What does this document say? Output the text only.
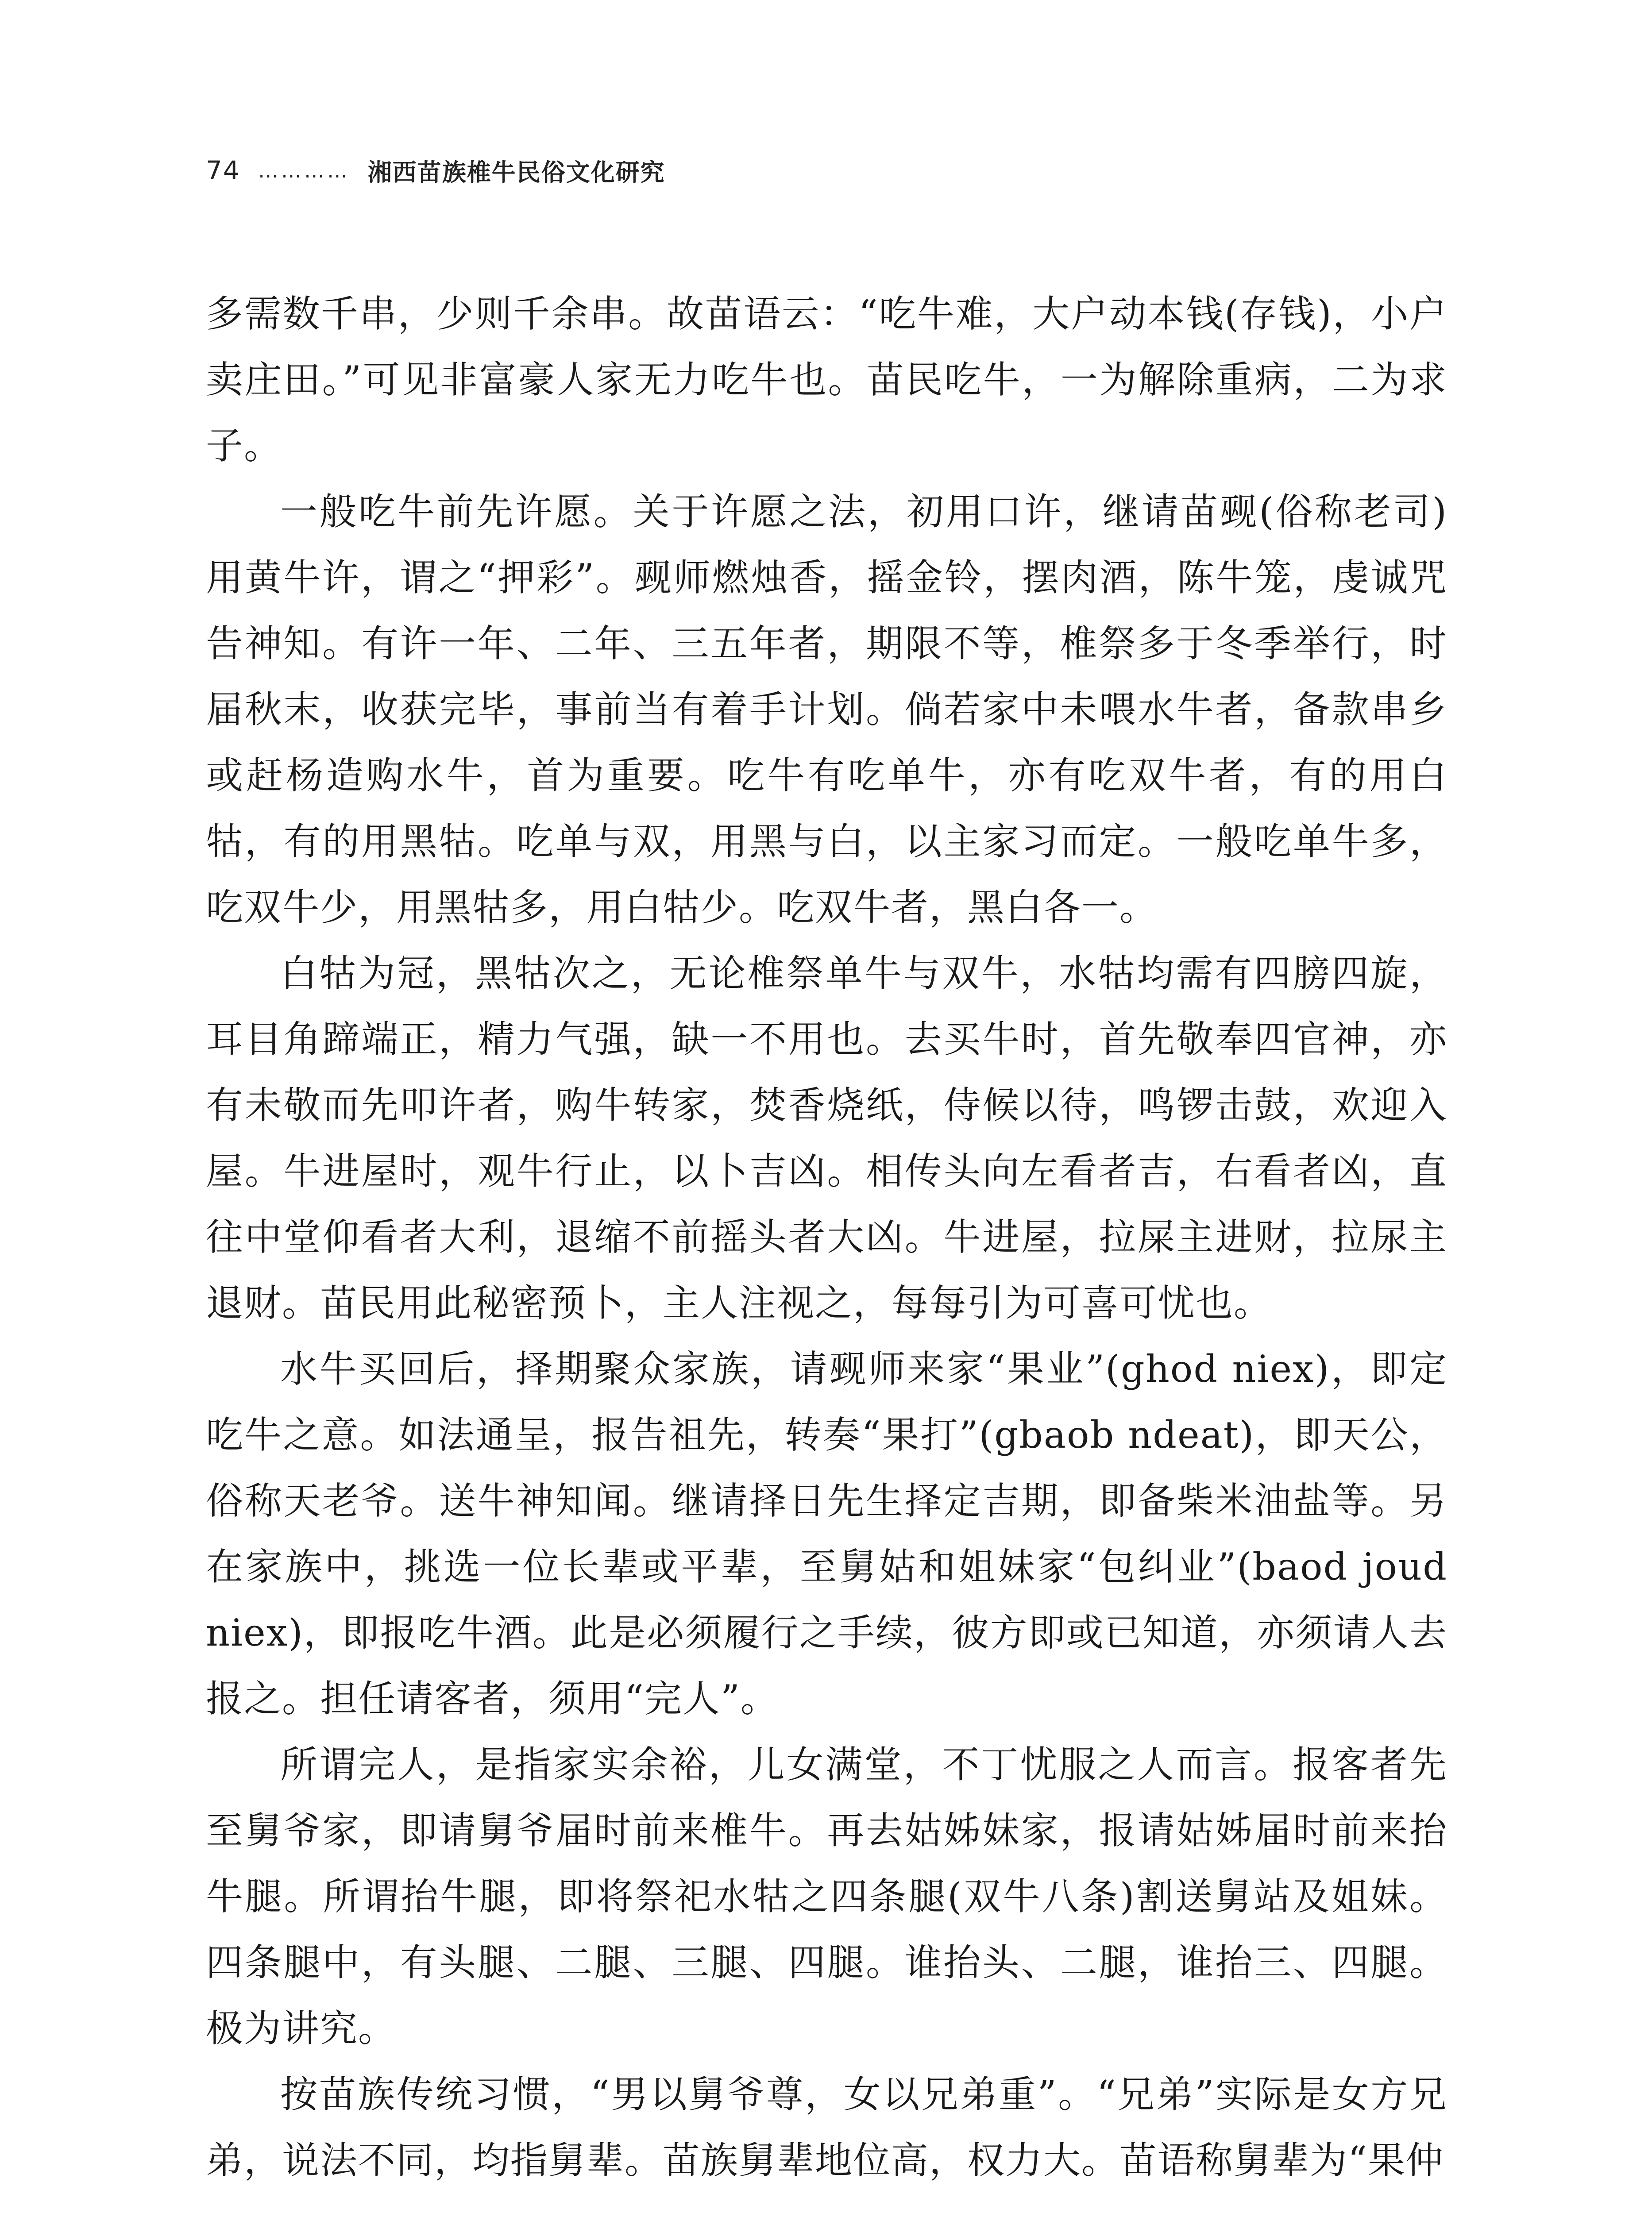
74 ………… 湘西苗族椎牛民俗文化研究

多需数千串，少则千余串。故苗语云：“吃牛难，大户动本钱(存钱)，小户卖庄田。”可见非富豪人家无力吃牛也。苗民吃牛，一为解除重病，二为求子。

一般吃牛前先许愿。关于许愿之法，初用口许，继请苗觋(俗称老司)用黄牛许，谓之“押彩”。觋师燃烛香，摇金铃，摆肉酒，陈牛笼，虔诚咒告神知。有许一年、二年、三五年者，期限不等，椎祭多于冬季举行，时届秋末，收获完毕，事前当有着手计划。倘若家中未喂水牛者，备款串乡或赶杨造购水牛，首为重要。吃牛有吃单牛，亦有吃双牛者，有的用白牯，有的用黑牯。吃单与双，用黑与白，以主家习而定。一般吃单牛多，吃双牛少，用黑牯多，用白牯少。吃双牛者，黑白各一。

白牯为冠，黑牯次之，无论椎祭单牛与双牛，水牯均需有四膀四旋，耳目角蹄端正，精力气强，缺一不用也。去买牛时，首先敬奉四官神，亦有未敬而先叩许者，购牛转家，焚香烧纸，侍候以待，鸣锣击鼓，欢迎入屋。牛进屋时，观牛行止，以卜吉凶。相传头向左看者吉，右看者凶，直往中堂仰看者大利，退缩不前摇头者大凶。牛进屋，拉屎主进财，拉尿主退财。苗民用此秘密预卜，主人注视之，每每引为可喜可忧也。

水牛买回后，择期聚众家族，请觋师来家“果业”(ghod niex)，即定吃牛之意。如法通呈，报告祖先，转奏“果打”(gbaob ndeat)，即天公，俗称天老爷。送牛神知闻。继请择日先生择定吉期，即备柴米油盐等。另在家族中，挑选一位长辈或平辈，至舅姑和姐妹家“包纠业”(baod joud niex)，即报吃牛酒。此是必须履行之手续，彼方即或已知道，亦须请人去报之。担任请客者，须用“完人”。

所谓完人，是指家实余裕，儿女满堂，不丁忧服之人而言。报客者先至舅爷家，即请舅爷届时前来椎牛。再去姑姊妹家，报请姑姊届时前来抬牛腿。所谓抬牛腿，即将祭祀水牯之四条腿(双牛八条)割送舅站及姐妹。四条腿中，有头腿、二腿、三腿、四腿。谁抬头、二腿，谁抬三、四腿。极为讲究。

按苗族传统习惯，“男以舅爷尊，女以兄弟重”。“兄弟”实际是女方兄弟，说法不同，均指舅辈。苗族舅辈地位高，权力大。苗语称舅辈为“果仲
